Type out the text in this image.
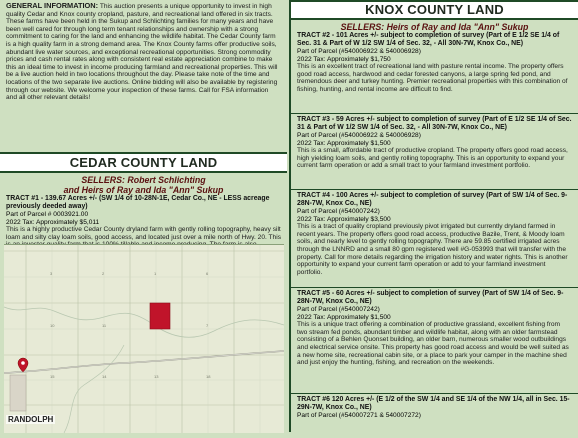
GENERAL INFORMATION: This auction presents a unique opportunity to invest in high quality Cedar and Knox county cropland, pasture, and recreational land offered in six tracts. These farms have been held in the Sukup and Schlichting families for many years and have been well cared for through long term tenant relationships and ownership with a strong commitment to caring for the land and enhancing the wildlife habitat. The Cedar County farm is a high quality farm in a strong demand area. The Knox County farms offer productive soils, abundant live water sources, and exceptional recreational opportunities. Strong commodity prices and cash rental rates along with consistent real estate appreciation combine to make this an ideal time to invest in income producing farmland and recreational properties. This will be a live auction held in two locations throughout the day. Please take note of the time and locations of the two separate live auctions. Online bidding will also be available by registering through our website. We welcome your inspection of these farms. Call for FSA information and all other relevant details!
CEDAR COUNTY LAND
SELLERS: Robert Schlichting
and Heirs of Ray and Ida "Ann" Sukup
TRACT #1 - 139.67 Acres +/- (SW 1/4 of 10-28N-1E, Cedar Co., NE - LESS acreage previously deeded away)
Part of Parcel # 0003921.00
2022 Tax: Approximately $5,011
This is a highly productive Cedar County dryland farm with gently rolling topography, heavy silt loam and silty clay loam soils, good access, and located just over a mile north of Hwy. 20. This
3	2	1	6
10	11	7
15	14	13	18
RANDOLPH
KNOX COUNTY LAND
SELLERS: Heirs of Ray and Ida "Ann" Sukup
TRACT #2 - 101 Acres +/- subject to completion of survey (Part of E 1/2 SE 1/4 of Sec. 31 & Part of W 1/2 SW 1/4 of Sec. 32, - All 30N-7W, Knox Co., NE)
Part of Parcel (#540006922 & 540006928)
2022 Tax: Approximately $1,750
This is an excellent tract of recreational land with pasture rental income. The property offers good road access, hardwood and cedar forested canyons, a large spring fed pond, and tremendous deer and turkey hunting. Premier recreational properties with this combination of fishing, hunting, and rental income are difficult to find.
TRACT #3 - 59 Acres +/- subject to completion of survey (Part of E 1/2 SE 1/4 of Sec. 31 & Part of W 1/2 SW 1/4 of Sec. 32, - All 30N-7W, Knox Co., NE)
Part of Parcel (#540006922 & 540006928)
2022 Tax: Approximately $1,500
This is a small, affordable tract of productive cropland. The property offers good road access, high yielding loam soils, and gently rolling topography. This is an opportunity to expand your current farm operation or add a small tract to your farmland investment portfolio.
TRACT #4 - 100 Acres +/- subject to completion of survey (Part of SW 1/4 of Sec. 9-28N-7W, Knox Co., NE)
Part of Parcel (#540007242)
2022 Tax: Approximately $3,500
This is a tract of quality cropland previously pivot irrigated but currently dryland farmed in recent years. The property offers good road access, productive Bazile, Trent, & Moody loam soils, and nearly level to gently rolling topography. There are 59.85 certified irrigated acres through the LNNRD and a small 80 gpm registered well #G-053993 that will transfer with the property. Call for more details regarding the irrigation history and water rights. This is another opportunity to expand your current farm operation or add to your farmland investment portfolio.
TRACT #5 - 60 Acres +/- subject to completion of survey (Part of SW 1/4 of Sec. 9-28N-7W, Knox Co., NE)
Part of Parcel (#540007242)
2022 Tax: Approximately $1,500
This is a unique tract offering a combination of productive grassland, excellent fishing from two stream fed ponds, abundant timber and wildlife habitat, along with an older farmstead consisting of a Behlen Quonset building, an older barn, numerous smaller wood outbuildings and electrical service onsite. This property has good road access and would be well suited as a new home site, recreational cabin site, or a place to park your camper in the machine shed and just enjoy the hunting, fishing, and recreation on the weekends.
TRACT #6 120 Acres +/- (E 1/2 of the SW 1/4 and SE 1/4 of the NW 1/4, all in Sec. 15-29N-7W, Knox Co., NE)
Part of Parcel (#540007271 & 540007272)
